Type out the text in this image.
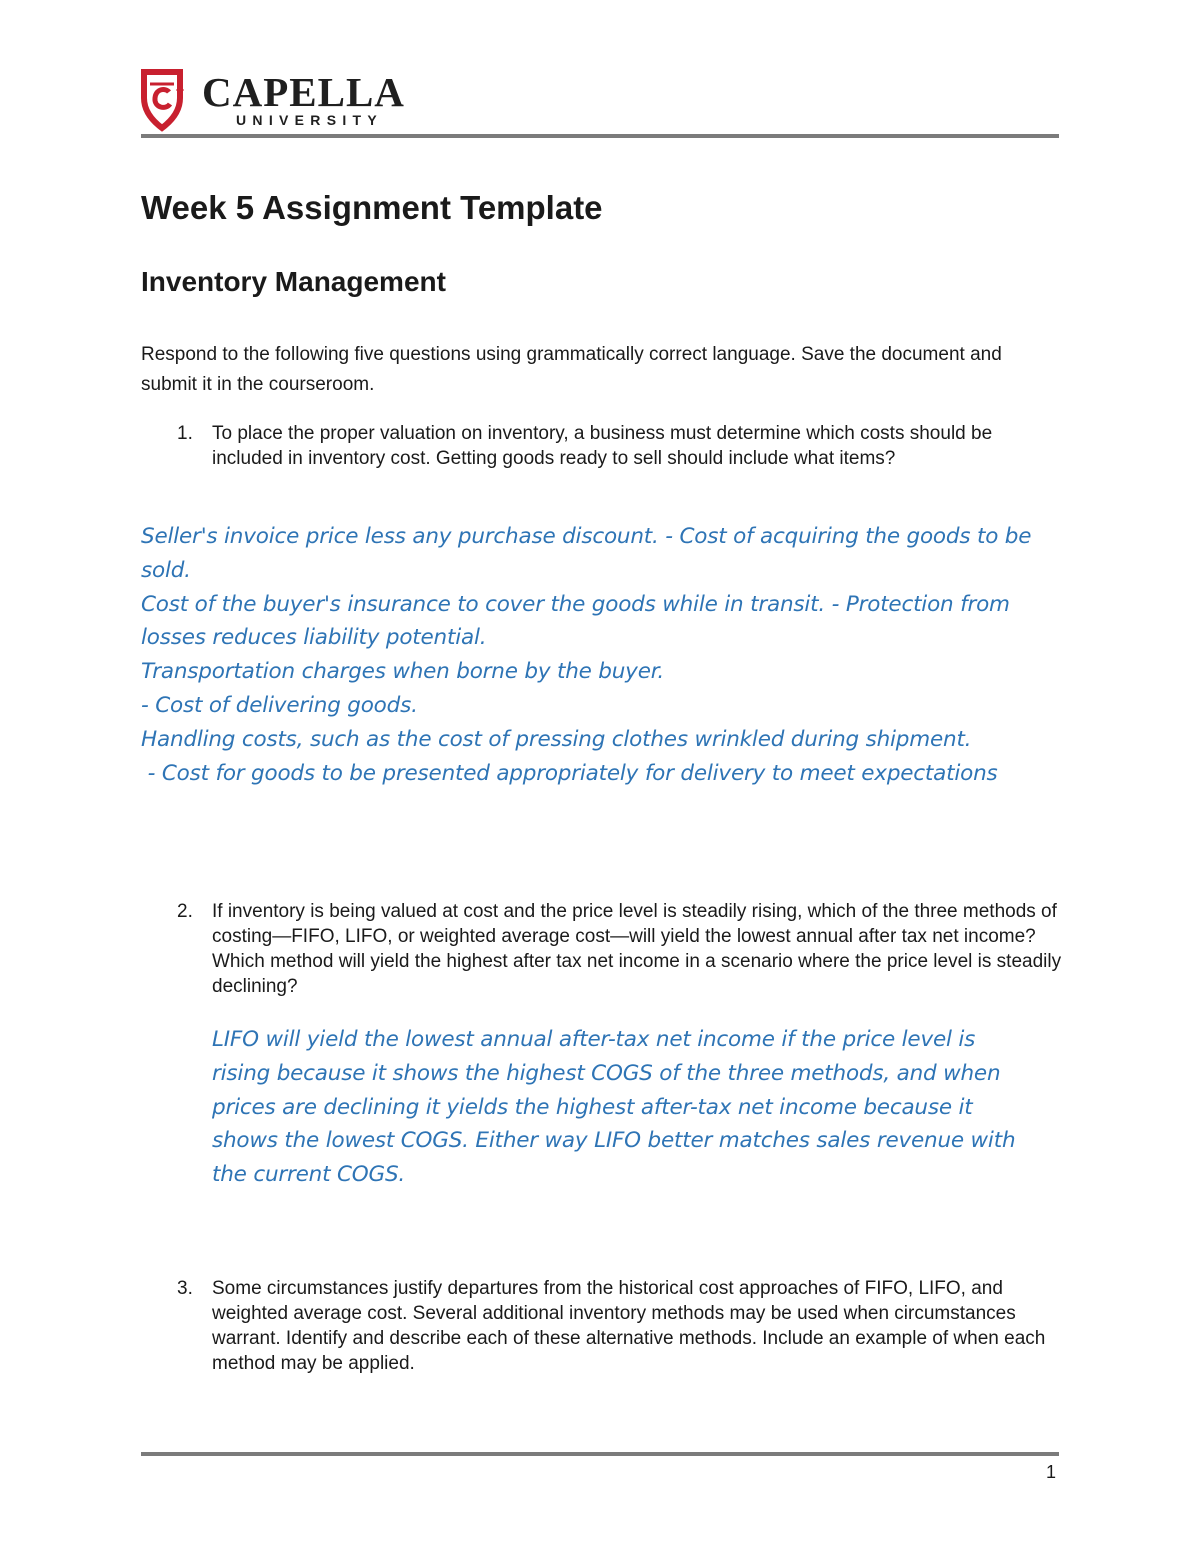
CAPELLA
UNIVERSITY
Week 5 Assignment Template
Inventory Management

Respond to the following five questions using grammatically correct language. Save the document and submit it in the courseroom.

1. To place the proper valuation on inventory, a business must determine which costs should be included in inventory cost. Getting goods ready to sell should include what items?

Seller's invoice price less any purchase discount. - Cost of acquiring the goods to be

sold.

Cost of the buyer's insurance to cover the goods while in transit. - Protection from

losses reduces liability potential.

Transportation charges when borne by the buyer.

- Cost of delivering goods.

Handling costs, such as the cost of pressing clothes wrinkled during shipment.

- Cost for goods to be presented appropriately for delivery to meet expectations

2. If inventory is being valued at cost and the price level is steadily rising, which of the three methods of costing—FIFO, LIFO, or weighted average cost—will yield the lowest annual after tax net income? Which method will yield the highest after tax net income in a scenario where the price level is steadily declining?

LIFO will yield the lowest annual after-tax net income if the price level is

rising because it shows the highest COGS of the three methods, and when

prices are declining it yields the highest after-tax net income because it

shows the lowest COGS. Either way LIFO better matches sales revenue with

the current COGS.

3. Some circumstances justify departures from the historical cost approaches of FIFO, LIFO, and weighted average cost. Several additional inventory methods may be used when circumstances warrant. Identify and describe each of these alternative methods. Include an example of when each method may be applied.
1
